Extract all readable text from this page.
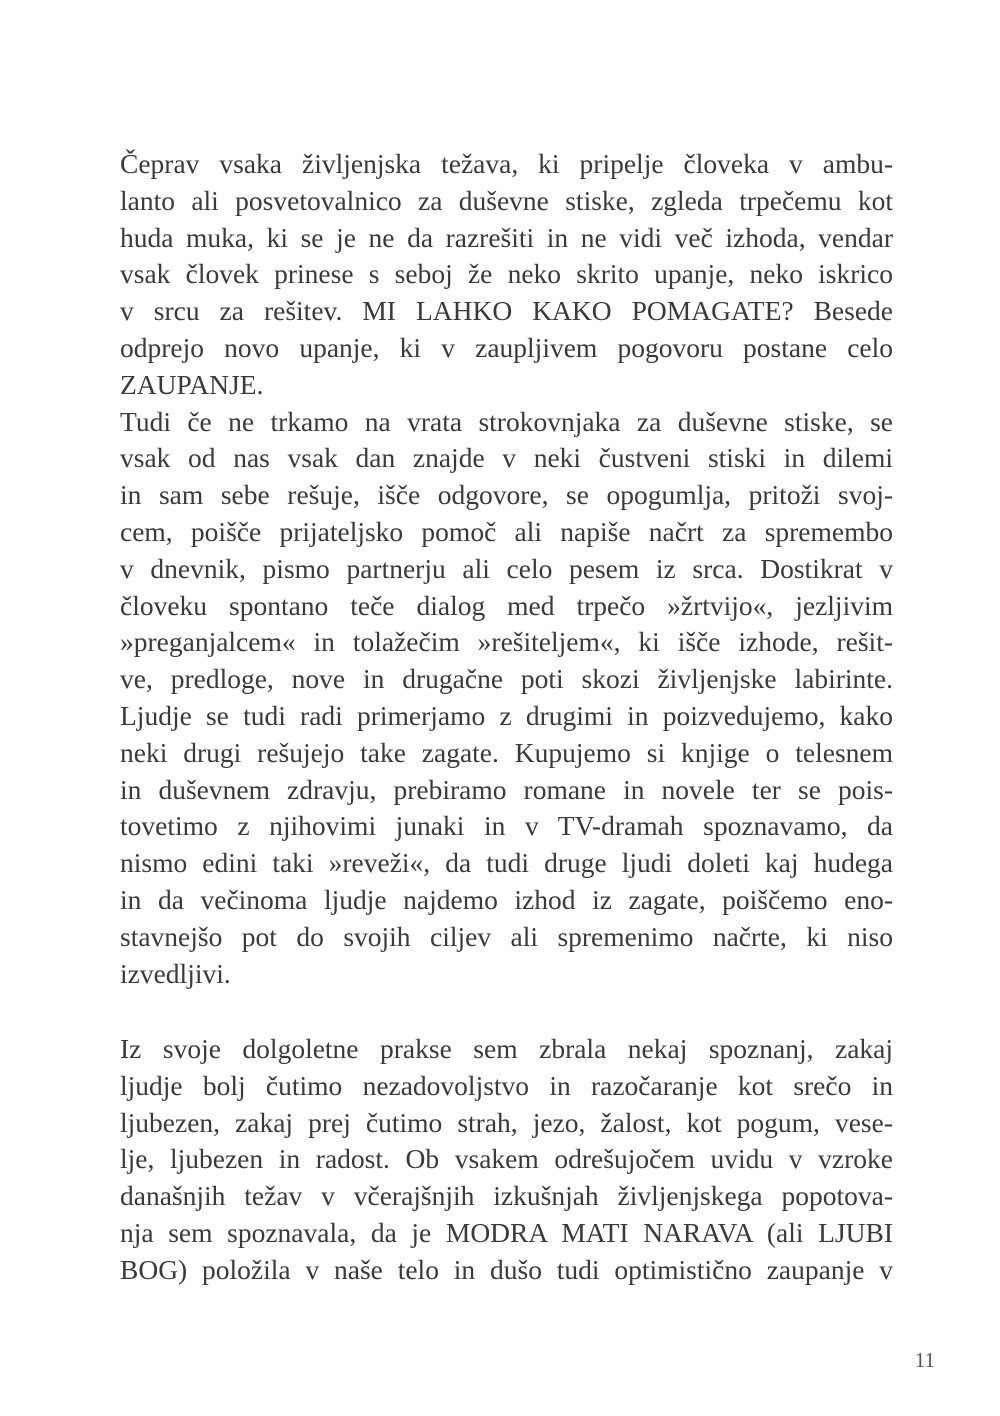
Čeprav vsaka življenjska težava, ki pripelje človeka v ambu-
lanto ali posvetovalnico za duševne stiske, zgleda trpečemu kot
huda muka, ki se je ne da razrešiti in ne vidi več izhoda, vendar
vsak človek prinese s seboj že neko skrito upanje, neko iskrico
v srcu za rešitev. MI LAHKO KAKO POMAGATE? Besede
odprejo novo upanje, ki v zaupljivem pogovoru postane celo
ZAUPANJE.
Tudi če ne trkamo na vrata strokovnjaka za duševne stiske, se
vsak od nas vsak dan znajde v neki čustveni stiski in dilemi
in sam sebe rešuje, išče odgovore, se opogumlja, pritoži svoj-
cem, poišče prijateljsko pomoč ali napiše načrt za spremembo
v dnevnik, pismo partnerju ali celo pesem iz srca. Dostikrat v
človeku spontano teče dialog med trpečo »žrtvijo«, jezljivim
»preganjalcem« in tolažečim »rešiteljem«, ki išče izhode, rešit-
ve, predloge, nove in drugačne poti skozi življenjske labirinte.
Ljudje se tudi radi primerjamo z drugimi in poizvedujemo, kako
neki drugi rešujejo take zagate. Kupujemo si knjige o telesnem
in duševnem zdravju, prebiramo romane in novele ter se pois-
tovetimo z njihovimi junaki in v TV-dramah spoznavamo, da
nismo edini taki »reveži«, da tudi druge ljudi doleti kaj hudega
in da večinoma ljudje najdemo izhod iz zagate, poiščemo eno-
stavnejšo pot do svojih ciljev ali spremenimo načrte, ki niso
izvedljivi.
Iz svoje dolgoletne prakse sem zbrala nekaj spoznanj, zakaj
ljudje bolj čutimo nezadovoljstvo in razočaranje kot srečo in
ljubezen, zakaj prej čutimo strah, jezo, žalost, kot pogum, vese-
lje, ljubezen in radost. Ob vsakem odrešujočem uvidu v vzroke
današnjih težav v včerajšnjih izkušnjah življenjskega popotova-
nja sem spoznavala, da je MODRA MATI NARAVA (ali LJUBI
BOG) položila v naše telo in dušo tudi optimistično zaupanje v
11
